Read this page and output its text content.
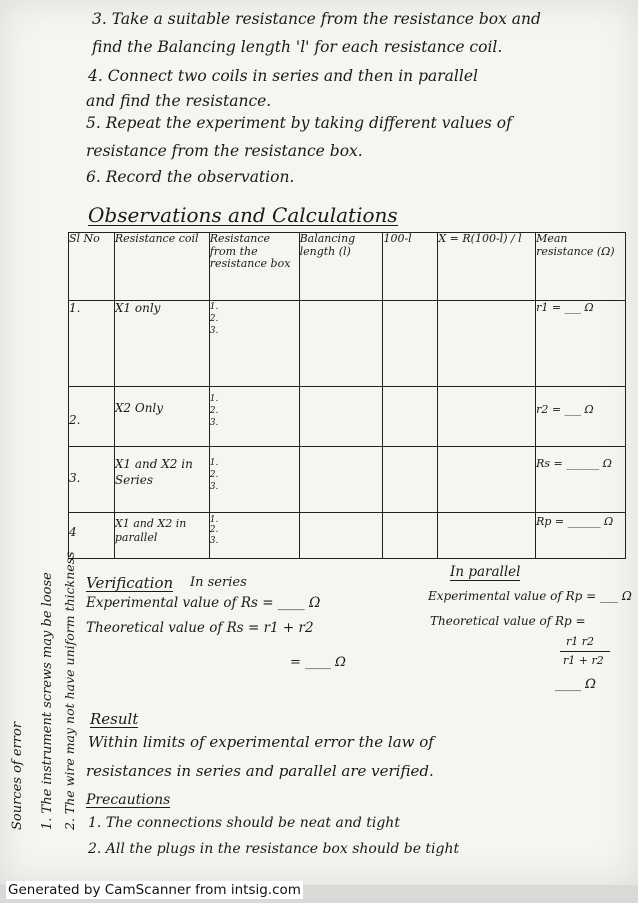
3. Take a suitable resistance from the resistance box and
find the Balancing length 'l' for each resistance coil.
4. Connect two coils in series and then in parallel
and find the resistance.
5. Repeat the experiment by taking different values of
resistance from the resistance box.
6. Record the observation.
Observations and Calculations
Sl No	Resistance coil	Resistance from the resistance box	Balancing length (l)	100-l	X = R(100-l) / l	Mean resistance (Ω)
1.	X1 only	1.
2.
3.				r1 = ___ Ω
2.	X2 Only	1.
2.
3.				r2 = ___ Ω
3.	X1 and X2 in Series	1.
2.
3.				Rs = ______ Ω
4	X1 and X2 in parallel	1.
2.
3.				Rp = ______ Ω
Verification In series
Experimental value of Rs = ____ Ω
Theoretical value of Rs = r1 + r2
= ____ Ω
In parallel
Experimental value of Rp = ___ Ω
Theoretical value of Rp =
r1 r2
r1 + r2
____ Ω
Sources of error 1. The instrument screws may be loose 2. The wire may not have uniform thickness Result
Within limits of experimental error the law of
resistances in series and parallel are verified.
Precautions
1. The connections should be neat and tight
2. All the plugs in the resistance box should be tight
Generated by CamScanner from intsig.com
